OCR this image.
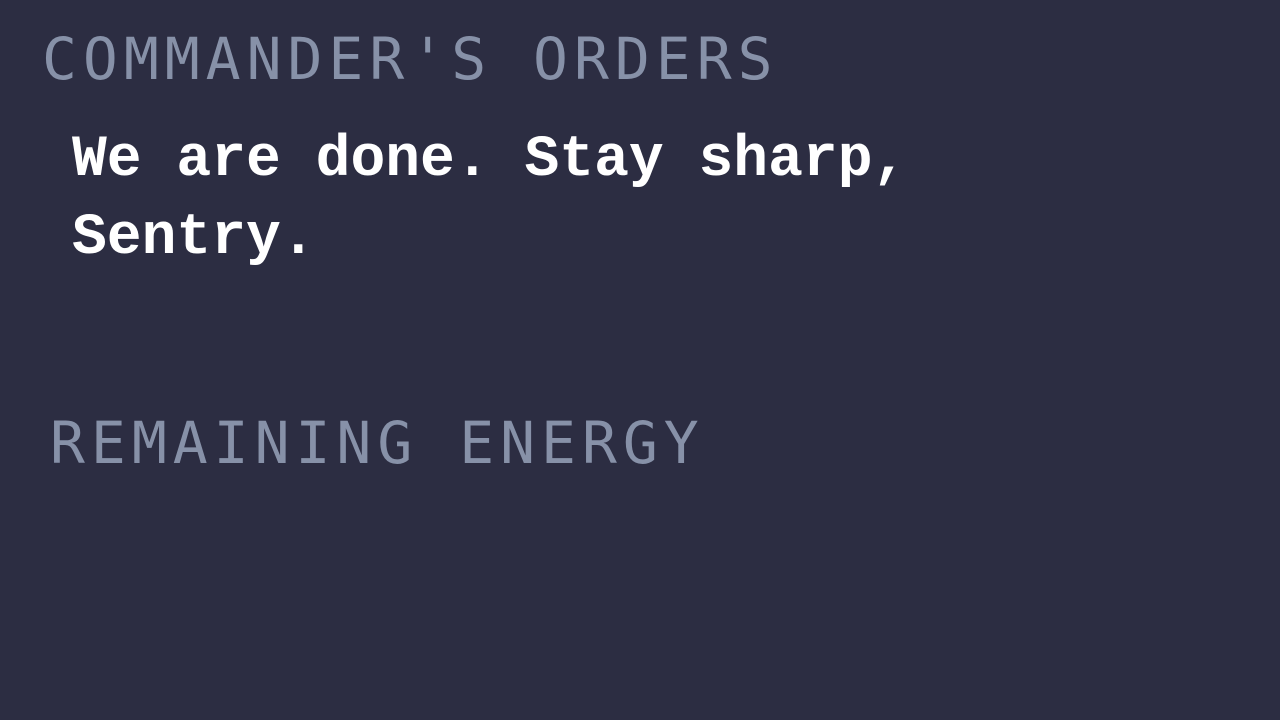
COMMANDER'S ORDERS

We are done. Stay sharp, Sentry.

REMAINING ENERGY
